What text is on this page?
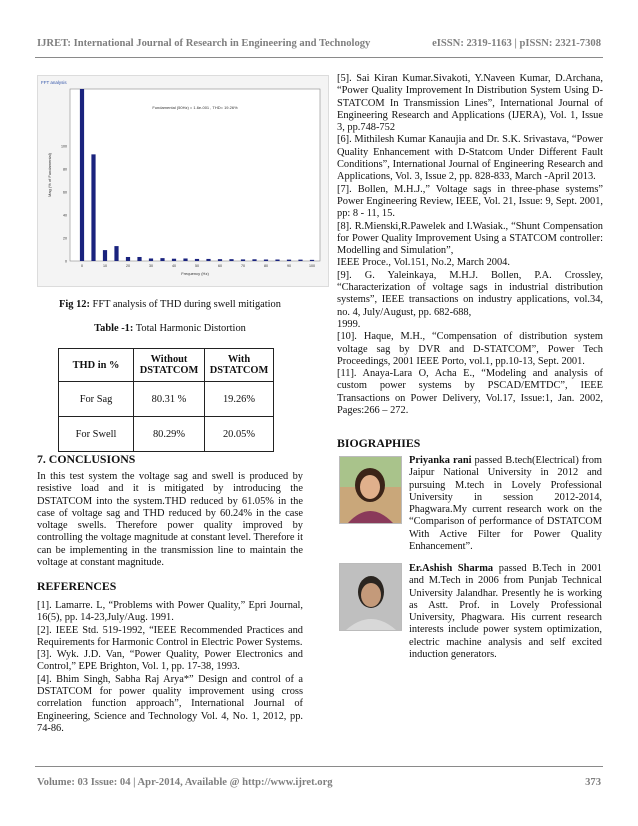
IJRET: International Journal of Research in Engineering and Technology	eISSN: 2319-1163 | pISSN: 2321-7308
FFT analysis
Fundamental (50Hz) = 1.6e-001 , THD= 19.26%
Frequency (Hz)
Mag (% of Fundamental)
0	10	20	30	40	50	60	70	80	90	100
0
20
40
60
80
100
Fig 12: FFT analysis of THD during swell mitigation
Table -1: Total Harmonic Distortion
THD in %	Without DSTATCOM	With DSTATCOM
For Sag	80.31 %	19.26%
For Swell	80.29%	20.05%
7. CONCLUSIONS
In this test system the voltage sag and swell is produced by resistive load and it is mitigated by introducing the DSTATCOM into the system.THD reduced by 61.05% in the case of voltage sag and THD reduced by 60.24% in the case voltage swells. Therefore power quality improved by controlling the voltage magnitude at constant level. Therefore it can be implementing in the transmission line to maintain the voltage at constant magnitude.
REFERENCES

[1]. Lamarre. L, “Problems with Power Quality,” Epri Journal, 16(5), pp. 14-23,July/Aug. 1991.

[2]. IEEE Std. 519-1992, “IEEE Recommended Practices and Requirements for Harmonic Control in Electric Power Systems.

[3]. Wyk. J.D. Van, “Power Quality, Power Electronics and Control,” EPE Brighton, Vol. 1, pp. 17-38, 1993.

[4]. Bhim Singh, Sabha Raj Arya*” Design and control of a DSTATCOM for power quality improvement using cross correlation function approach”, International Journal of Engineering, Science and Technology Vol. 4, No. 1, 2012, pp. 74-86.

[5]. Sai Kiran Kumar.Sivakoti, Y.Naveen Kumar, D.Archana, “Power Quality Improvement In Distribution System Using D-STATCOM In Transmission Lines”, International Journal of Engineering Research and Applications (IJERA), Vol. 1, Issue 3, pp.748-752

[6]. Mithilesh Kumar Kanaujia and Dr. S.K. Srivastava, “Power Quality Enhancement with D-Statcom Under Different Fault Conditions”, International Journal of Engineering Research and Applications, Vol. 3, Issue 2, pp. 828-833, March -April 2013.

[7]. Bollen, M.H.J.,” Voltage sags in three-phase systems” Power Engineering Review, IEEE, Vol. 21, Issue: 9, Sept. 2001, pp: 8 - 11, 15.

[8]. R.Mienski,R.Pawelek and I.Wasiak., “Shunt Compensation for Power Quality Improvement Using a STATCOM controller: Modelling and Simulation”,

IEEE Procе., Vol.151, No.2, March 2004.

[9]. G. Yaleinkaya, M.H.J. Bollen, P.A. Crossley, “Characterization of voltage sags in industrial distribution systems”, IEEE transactions on industry applications, vol.34, no. 4, July/August, pp. 682-688,

1999.

[10]. Haque, M.H., “Compensation of distribution system voltage sag by DVR and D-STATCOM”, Power Tech Proceedings, 2001 IEEE Porto, vol.1, pp.10-13, Sept. 2001.

[11]. Anaya-Lara O, Acha E., “Modeling and analysis of custom power systems by PSCAD/EMTDC”, IEEE Transactions on Power Delivery, Vol.17, Issue:1, Jan. 2002, Pages:266 – 272.

BIOGRAPHIES
Priyanka rani passed B.tech(Electrical) from Jaipur National University in 2012 and pursuing M.tech in Lovely Professional University in session 2012-2014, Phagwara.My current research work on the “Comparison of performance of DSTATCOM With Active Filter for Power Quality Enhancement”.
Er.Ashish Sharma passed B.Tech in 2001 and M.Tech in 2006 from Punjab Technical University Jalandhar. Presently he is working as Astt. Prof. in Lovely Professional University, Phagwara. His current research interests include power system optimization, electric machine analysis and self excited induction generators.
Volume: 03 Issue: 04 | Apr-2014, Available @ http://www.ijret.org	373
